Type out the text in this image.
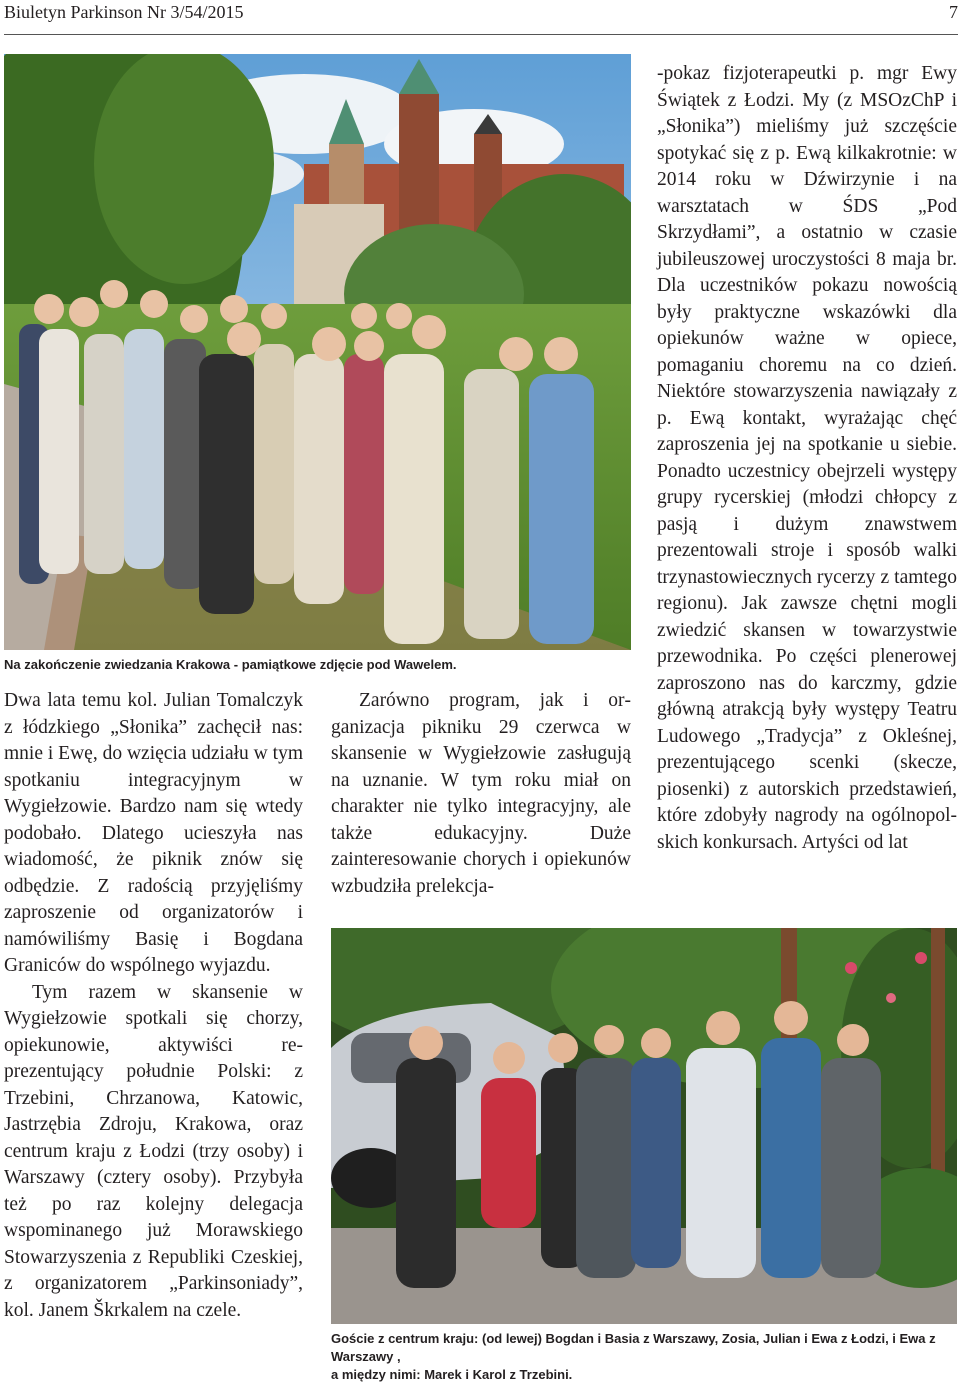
Biuletyn Parkinson Nr 3/54/2015	7
Na zakończenie zwiedzania Krakowa - pamiątkowe zdjęcie pod Wawelem.

Dwa lata temu kol. Julian Tomalczyk z łódzkiego „Słonika” zachęcił nas: mnie i Ewę, do wzięcia udziału w tym spotkaniu integracyjnym w Wygiełzowie. Bardzo nam się wtedy podobało. Dlatego ucieszyła nas wiadomość, że piknik znów się odbędzie. Z radością przyjęliśmy zaproszenie od organizatorów i namówiliśmy Basię i Bogdana Graniców do wspólnego wyjazdu.

Tym razem w skansenie w Wygiełzowie spotkali się chorzy, opiekunowie, aktywiści reprezentujący południe Polski: z Trzebini, Chrzanowa, Katowic, Jastrzębia Zdroju, Krakowa, oraz centrum kraju z Łodzi (trzy osoby) i Warszawy (cztery osoby). Przybyła też po raz kolejny delegacja wspominanego już Morawskiego Stowarzyszenia z Republiki Czeskiej, z organizatorem „Parkinsoniady”, kol. Janem Škrkalem na czele.

Zarówno program, jak i organizacja pikniku 29 czerwca w skansenie w Wygiełzowie zasługują na uznanie. W tym roku miał on charakter nie tylko integracyjny, ale także edukacyjny. Duże zainteresowanie chorych i opiekunów wzbudziła prelekcja-

-pokaz fizjoterapeutki p. mgr Ewy Świątek z Łodzi. My (z MSOzChP i „Słonika”) mieliśmy już szczęście spotykać się z p. Ewą kilkakrotnie: w 2014 roku w Dźwirzynie i na warsztatach w ŚDS „Pod Skrzydłami”, a ostatnio w czasie jubileuszowej uroczystości 8 maja br. Dla uczestników pokazu nowością były praktyczne wskazówki dla opiekunów ważne w opiece, pomaganiu choremu na co dzień. Niektóre stowarzyszenia nawiązały z p. Ewą kontakt, wyrażając chęć zaproszenia jej na spotkanie u siebie. Ponadto uczestnicy obejrzeli występy grupy rycerskiej (młodzi chłopcy z pasją i dużym znawstwem prezentowali stroje i sposób walki trzynastowiecznych rycerzy z tamtego regionu). Jak zawsze chętni mogli zwiedzić skansen w towarzystwie przewodnika. Po części plenerowej zaproszono nas do karczmy, gdzie główną atrakcją były występy Teatru Ludowego „Tradycja” z Okleśnej, prezentującego scenki (skecze, piosenki) z autorskich przedstawień, które zdobyły nagrody na ogólnopolskich konkursach. Artyści od lat

Goście z centrum kraju: (od lewej) Bogdan i Basia z Warszawy, Zosia, Julian i Ewa z Łodzi, i Ewa z Warszawy ,
a między nimi: Marek i Karol z Trzebini.
